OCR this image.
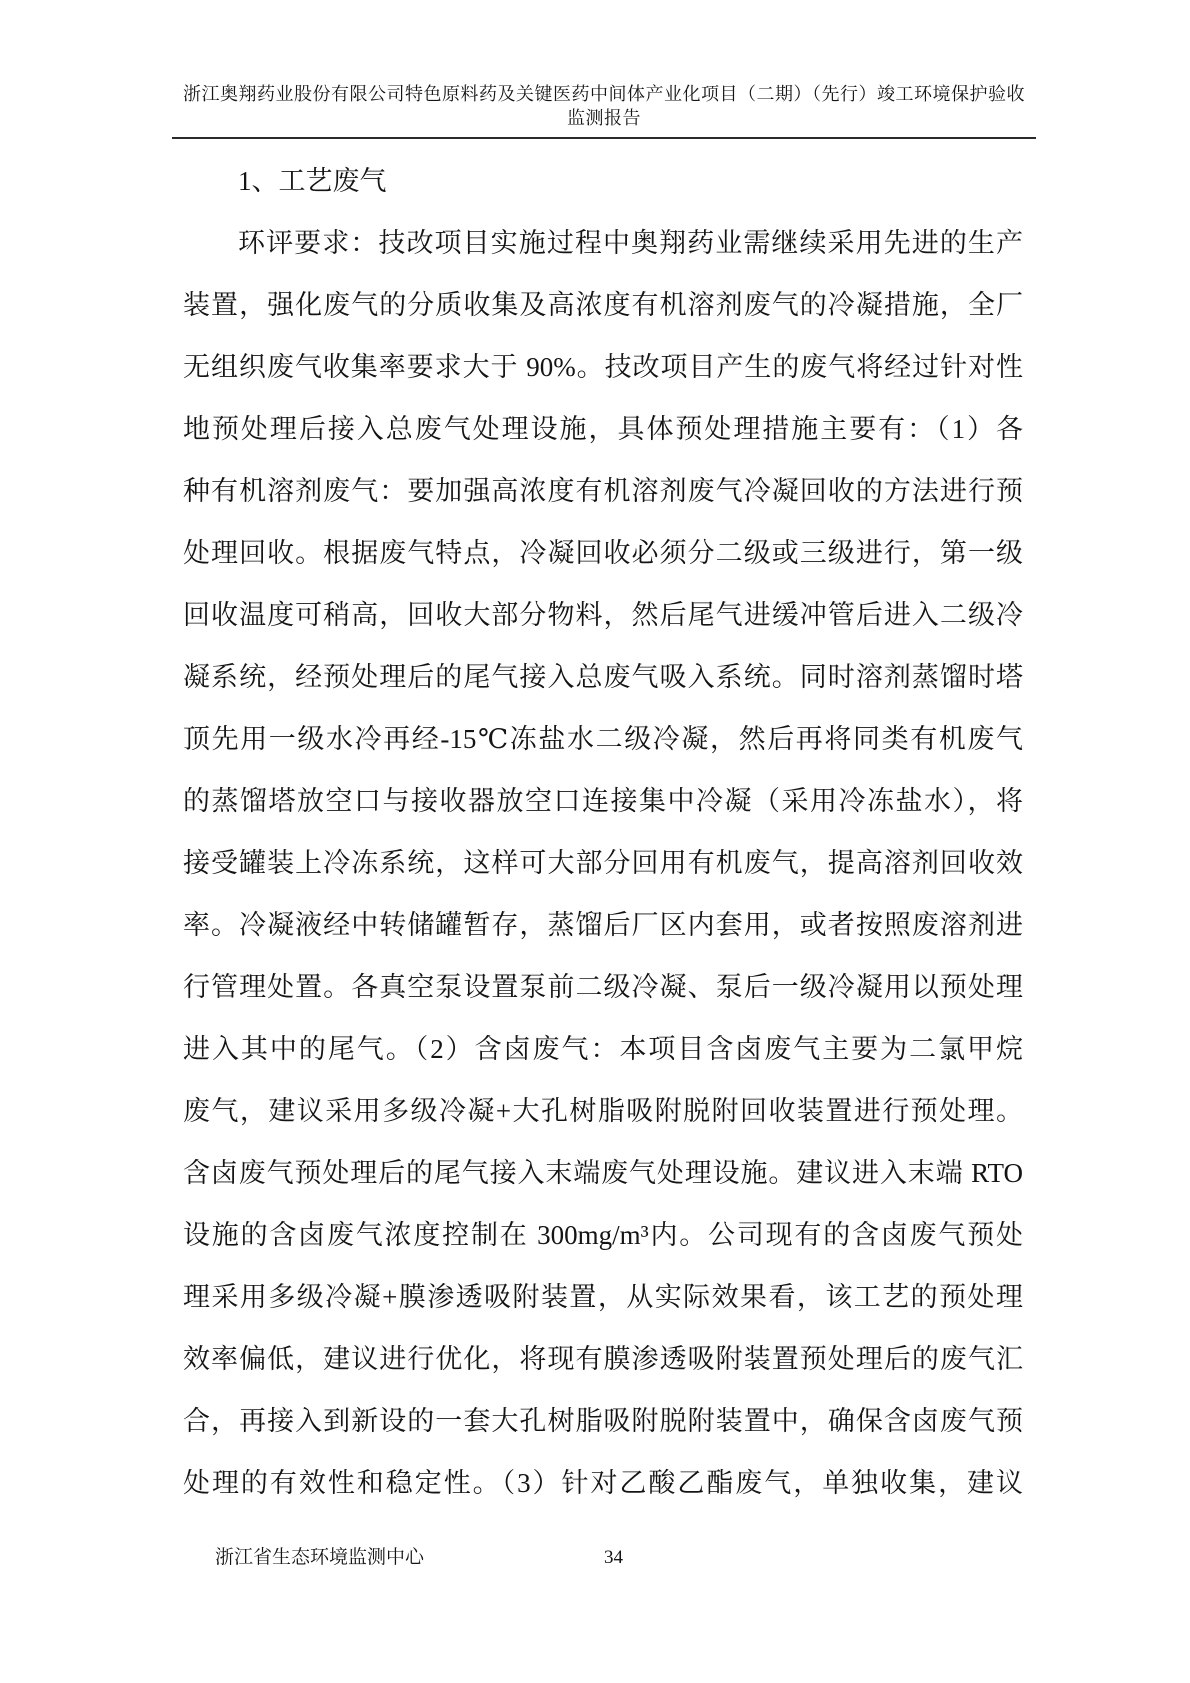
浙江奥翔药业股份有限公司特色原料药及关键医药中间体产业化项目（二期）（先行）竣工环境保护验收
监测报告
1、工艺废气
环评要求：技改项目实施过程中奥翔药业需继续采用先进的生产
装置，强化废气的分质收集及高浓度有机溶剂废气的冷凝措施，全厂
无组织废气收集率要求大于 90%。技改项目产生的废气将经过针对性
地预处理后接入总废气处理设施，具体预处理措施主要有：（1）各
种有机溶剂废气：要加强高浓度有机溶剂废气冷凝回收的方法进行预
处理回收。根据废气特点，冷凝回收必须分二级或三级进行，第一级
回收温度可稍高，回收大部分物料，然后尾气进缓冲管后进入二级冷
凝系统，经预处理后的尾气接入总废气吸入系统。同时溶剂蒸馏时塔
顶先用一级水冷再经-15℃冻盐水二级冷凝，然后再将同类有机废气
的蒸馏塔放空口与接收器放空口连接集中冷凝（采用冷冻盐水），将
接受罐装上冷冻系统，这样可大部分回用有机废气，提高溶剂回收效
率。冷凝液经中转储罐暂存，蒸馏后厂区内套用，或者按照废溶剂进
行管理处置。各真空泵设置泵前二级冷凝、泵后一级冷凝用以预处理
进入其中的尾气。（2）含卤废气：本项目含卤废气主要为二氯甲烷
废气，建议采用多级冷凝+大孔树脂吸附脱附回收装置进行预处理。
含卤废气预处理后的尾气接入末端废气处理设施。建议进入末端 RTO
设施的含卤废气浓度控制在 300mg/m³内。公司现有的含卤废气预处
理采用多级冷凝+膜渗透吸附装置，从实际效果看，该工艺的预处理
效率偏低，建议进行优化，将现有膜渗透吸附装置预处理后的废气汇
合，再接入到新设的一套大孔树脂吸附脱附装置中，确保含卤废气预
处理的有效性和稳定性。（3）针对乙酸乙酯废气，单独收集，建议
浙江省生态环境监测中心	34
